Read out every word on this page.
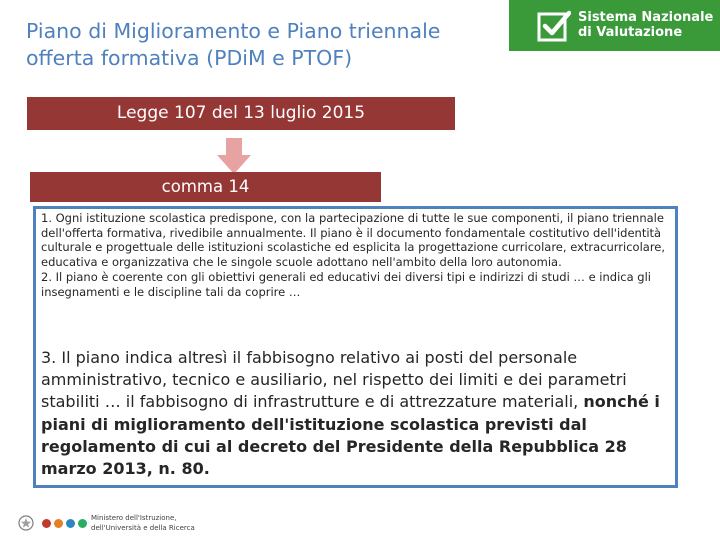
Piano di Miglioramento e Piano triennale
offerta formativa (PDiM e PTOF)
Sistema Nazionale
di Valutazione
Legge 107 del 13 luglio 2015
comma 14
1. Ogni istituzione scolastica predispone, con la partecipazione di tutte le sue componenti, il piano triennale dell'offerta formativa, rivedibile annualmente. Il piano è il documento fondamentale costitutivo dell'identità culturale e progettuale delle istituzioni scolastiche ed esplicita la progettazione curricolare, extracurricolare, educativa e organizzativa che le singole scuole adottano nell'ambito della loro autonomia.
2. Il piano è coerente con gli obiettivi generali ed educativi dei diversi tipi e indirizzi di studi … e indica gli insegnamenti e le discipline tali da coprire …

3. Il piano indica altresì il fabbisogno relativo ai posti del personale amministrativo, tecnico e ausiliario, nel rispetto dei limiti e dei parametri stabiliti … il fabbisogno di infrastrutture e di attrezzature materiali, nonché i piani di miglioramento dell'istituzione scolastica previsti dal regolamento di cui al decreto del Presidente della Repubblica 28 marzo 2013, n. 80.

Ministero dell'Istruzione,
dell'Università e della Ricerca
